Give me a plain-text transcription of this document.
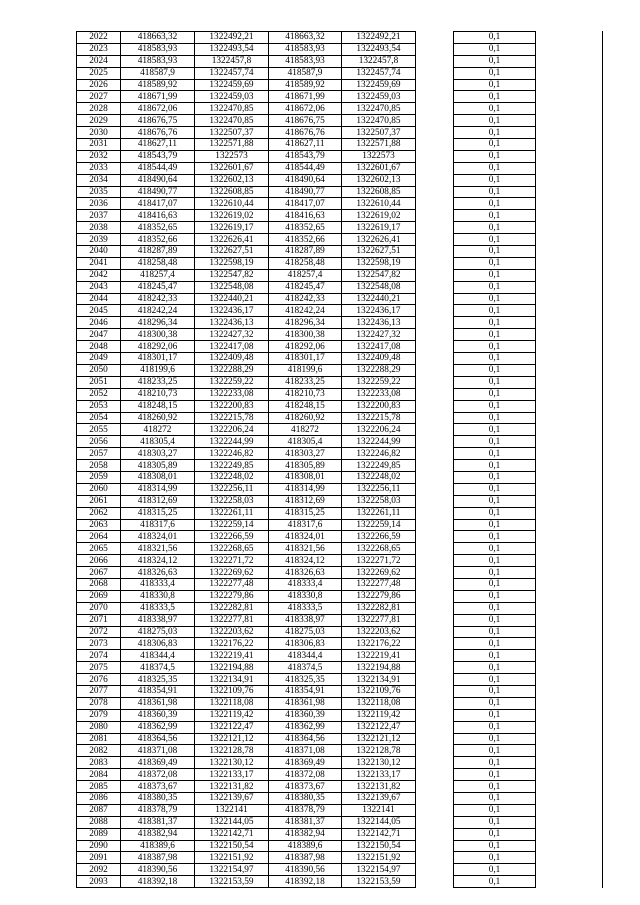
2022	418663,32	1322492,21	418663,32	1322492,21		0,1	
2023	418583,93	1322493,54	418583,93	1322493,54		0,1	
2024	418583,93	1322457,8	418583,93	1322457,8		0,1	
2025	418587,9	1322457,74	418587,9	1322457,74		0,1	
2026	418589,92	1322459,69	418589,92	1322459,69		0,1	
2027	418671,99	1322459,03	418671,99	1322459,03		0,1	
2028	418672,06	1322470,85	418672,06	1322470,85		0,1	
2029	418676,75	1322470,85	418676,75	1322470,85		0,1	
2030	418676,76	1322507,37	418676,76	1322507,37		0,1	
2031	418627,11	1322571,88	418627,11	1322571,88		0,1	
2032	418543,79	1322573	418543,79	1322573		0,1	
2033	418544,49	1322601,67	418544,49	1322601,67		0,1	
2034	418490,64	1322602,13	418490,64	1322602,13		0,1	
2035	418490,77	1322608,85	418490,77	1322608,85		0,1	
2036	418417,07	1322610,44	418417,07	1322610,44		0,1	
2037	418416,63	1322619,02	418416,63	1322619,02		0,1	
2038	418352,65	1322619,17	418352,65	1322619,17		0,1	
2039	418352,66	1322626,41	418352,66	1322626,41		0,1	
2040	418287,89	1322627,51	418287,89	1322627,51		0,1	
2041	418258,48	1322598,19	418258,48	1322598,19		0,1	
2042	418257,4	1322547,82	418257,4	1322547,82		0,1	
2043	418245,47	1322548,08	418245,47	1322548,08		0,1	
2044	418242,33	1322440,21	418242,33	1322440,21		0,1	
2045	418242,24	1322436,17	418242,24	1322436,17		0,1	
2046	418296,34	1322436,13	418296,34	1322436,13		0,1	
2047	418300,38	1322427,32	418300,38	1322427,32		0,1	
2048	418292,06	1322417,08	418292,06	1322417,08		0,1	
2049	418301,17	1322409,48	418301,17	1322409,48		0,1	
2050	418199,6	1322288,29	418199,6	1322288,29		0,1	
2051	418233,25	1322259,22	418233,25	1322259,22		0,1	
2052	418210,73	1322233,08	418210,73	1322233,08		0,1	
2053	418248,15	1322200,83	418248,15	1322200,83		0,1	
2054	418260,92	1322215,78	418260,92	1322215,78		0,1	
2055	418272	1322206,24	418272	1322206,24		0,1	
2056	418305,4	1322244,99	418305,4	1322244,99		0,1	
2057	418303,27	1322246,82	418303,27	1322246,82		0,1	
2058	418305,89	1322249,85	418305,89	1322249,85		0,1	
2059	418308,01	1322248,02	418308,01	1322248,02		0,1	
2060	418314,99	1322256,11	418314,99	1322256,11		0,1	
2061	418312,69	1322258,03	418312,69	1322258,03		0,1	
2062	418315,25	1322261,11	418315,25	1322261,11		0,1	
2063	418317,6	1322259,14	418317,6	1322259,14		0,1	
2064	418324,01	1322266,59	418324,01	1322266,59		0,1	
2065	418321,56	1322268,65	418321,56	1322268,65		0,1	
2066	418324,12	1322271,72	418324,12	1322271,72		0,1	
2067	418326,63	1322269,62	418326,63	1322269,62		0,1	
2068	418333,4	1322277,48	418333,4	1322277,48		0,1	
2069	418330,8	1322279,86	418330,8	1322279,86		0,1	
2070	418333,5	1322282,81	418333,5	1322282,81		0,1	
2071	418338,97	1322277,81	418338,97	1322277,81		0,1	
2072	418275,03	1322203,62	418275,03	1322203,62		0,1	
2073	418306,83	1322176,22	418306,83	1322176,22		0,1	
2074	418344,4	1322219,41	418344,4	1322219,41		0,1	
2075	418374,5	1322194,88	418374,5	1322194,88		0,1	
2076	418325,35	1322134,91	418325,35	1322134,91		0,1	
2077	418354,91	1322109,76	418354,91	1322109,76		0,1	
2078	418361,98	1322118,08	418361,98	1322118,08		0,1	
2079	418360,39	1322119,42	418360,39	1322119,42		0,1	
2080	418362,99	1322122,47	418362,99	1322122,47		0,1	
2081	418364,56	1322121,12	418364,56	1322121,12		0,1	
2082	418371,08	1322128,78	418371,08	1322128,78		0,1	
2083	418369,49	1322130,12	418369,49	1322130,12		0,1	
2084	418372,08	1322133,17	418372,08	1322133,17		0,1	
2085	418373,67	1322131,82	418373,67	1322131,82		0,1	
2086	418380,35	1322139,67	418380,35	1322139,67		0,1	
2087	418378,79	1322141	418378,79	1322141		0,1	
2088	418381,37	1322144,05	418381,37	1322144,05		0,1	
2089	418382,94	1322142,71	418382,94	1322142,71		0,1	
2090	418389,6	1322150,54	418389,6	1322150,54		0,1	
2091	418387,98	1322151,92	418387,98	1322151,92		0,1	
2092	418390,56	1322154,97	418390,56	1322154,97		0,1	
2093	418392,18	1322153,59	418392,18	1322153,59		0,1	
